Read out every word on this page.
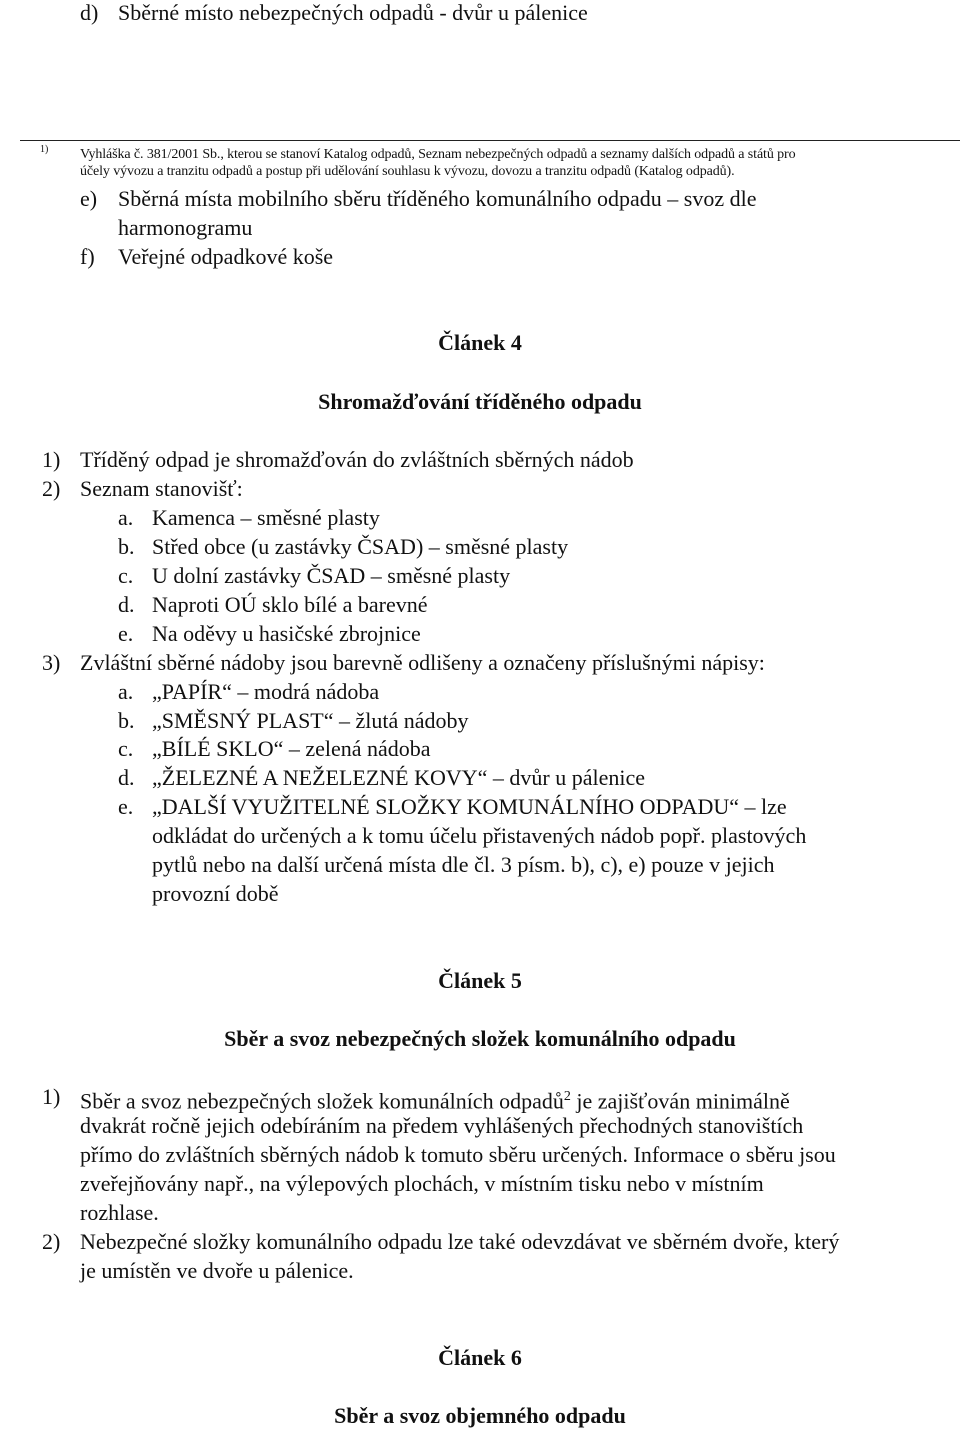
d) Sběrné místo nebezpečných odpadů - dvůr u pálenice
1) Vyhláška č. 381/2001 Sb., kterou se stanoví Katalog odpadů, Seznam nebezpečných odpadů a seznamy dalších odpadů a států pro
účely vývozu a tranzitu odpadů a postup při udělování souhlasu k vývozu, dovozu a tranzitu odpadů (Katalog odpadů).
e) Sběrná místa mobilního sběru tříděného komunálního odpadu – svoz dle
harmonogramu
f) Veřejné odpadkové koše
Článek 4
Shromažďování tříděného odpadu
1) Tříděný odpad je shromažďován do zvláštních sběrných nádob
2) Seznam stanovišť:
a. Kamenca – směsné plasty
b. Střed obce (u zastávky ČSAD) – směsné plasty
c. U dolní zastávky ČSAD – směsné plasty
d. Naproti OÚ sklo bílé a barevné
e. Na oděvy u hasičské zbrojnice
3) Zvláštní sběrné nádoby jsou barevně odlišeny a označeny příslušnými nápisy:
a. „PAPÍR“ – modrá nádoba
b. „SMĚSNÝ PLAST“ – žlutá nádoby
c. „BÍLÉ SKLO“ – zelená nádoba
d. „ŽELEZNÉ A NEŽELEZNÉ KOVY“ – dvůr u pálenice
e. „DALŠÍ VYUŽITELNÉ SLOŽKY KOMUNÁLNÍHO ODPADU“ – lze
odkládat do určených a k tomu účelu přistavených nádob popř. plastových
pytlů nebo na další určená místa dle čl. 3 písm. b), c), e) pouze v jejich
provozní době
Článek 5
Sběr a svoz nebezpečných složek komunálního odpadu
1) Sběr a svoz nebezpečných složek komunálních odpadů$^2$ je zajišťován minimálně
dvakrát ročně jejich odebíráním na předem vyhlášených přechodných stanovištích
přímo do zvláštních sběrných nádob k tomuto sběru určených. Informace o sběru jsou
zveřejňovány např., na výlepových plochách, v místním tisku nebo v místním
rozhlase.
2) Nebezpečné složky komunálního odpadu lze také odevzdávat ve sběrném dvoře, který
je umístěn ve dvoře u pálenice.
Článek 6
Sběr a svoz objemného odpadu
